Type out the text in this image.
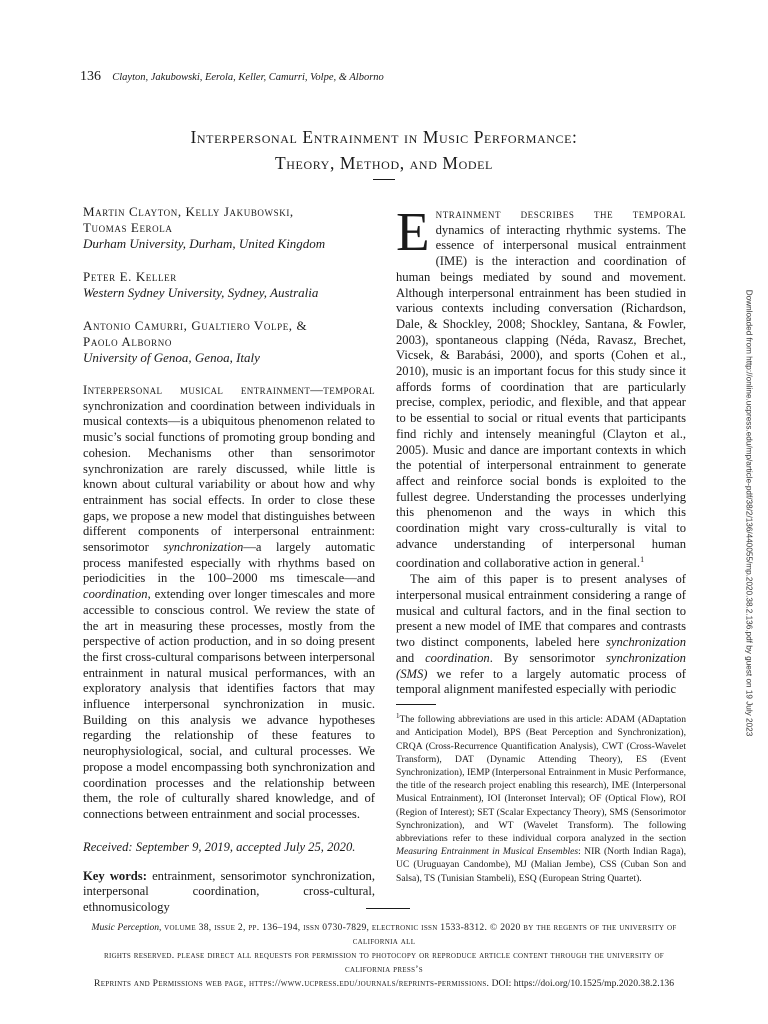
136 Clayton, Jakubowski, Eerola, Keller, Camurri, Volpe, & Alborno
Interpersonal Entrainment in Music Performance:
Theory, Method, and Model
Martin Clayton, Kelly Jakubowski,
Tuomas Eerola
Durham University, Durham, United Kingdom
Peter E. Keller
Western Sydney University, Sydney, Australia
Antonio Camurri, Gualtiero Volpe, &
Paolo Alborno
University of Genoa, Genoa, Italy
Interpersonal musical entrainment—temporal synchronization and coordination between individuals in musical contexts—is a ubiquitous phenomenon related to music’s social functions of promoting group bonding and cohesion. Mechanisms other than sensorimotor synchronization are rarely discussed, while little is known about cultural variability or about how and why entrainment has social effects. In order to close these gaps, we propose a new model that distinguishes between different components of interpersonal entrainment: sensorimotor synchronization—a largely automatic process manifested especially with rhythms based on periodicities in the 100–2000 ms timescale—and coordination, extending over longer timescales and more accessible to conscious control. We review the state of the art in measuring these processes, mostly from the perspective of action production, and in so doing present the first cross-cultural comparisons between interpersonal entrainment in natural musical performances, with an exploratory analysis that identifies factors that may influence interpersonal synchronization in music. Building on this analysis we advance hypotheses regarding the relationship of these features to neurophysiological, social, and cultural processes. We propose a model encompassing both synchronization and coordination processes and the relationship between them, the role of culturally shared knowledge, and of connections between entrainment and social processes.
Received: September 9, 2019, accepted July 25, 2020.
Key words: entrainment, sensorimotor synchronization, interpersonal coordination, cross-cultural, ethnomusicology

Entrainment describes the temporal dynamics of interacting rhythmic systems. The essence of interpersonal musical entrainment (IME) is the interaction and coordination of human beings mediated by sound and movement. Although interpersonal entrainment has been studied in various contexts including conversation (Richardson, Dale, & Shockley, 2008; Shockley, Santana, & Fowler, 2003), spontaneous clapping (Néda, Ravasz, Brechet, Vicsek, & Barabási, 2000), and sports (Cohen et al., 2010), music is an important focus for this study since it affords forms of coordination that are particularly precise, complex, periodic, and flexible, and that appear to be essential to social or ritual events that participants find richly and intensely meaningful (Clayton et al., 2005). Music and dance are important contexts in which the potential of interpersonal entrainment to generate affect and reinforce social bonds is exploited to the fullest degree. Understanding the processes underlying this phenomenon and the ways in which this coordination might vary cross-culturally is vital to advance understanding of interpersonal human coordination and collaborative action in general.$^1$

The aim of this paper is to present analyses of interpersonal musical entrainment considering a range of musical and cultural factors, and in the final section to present a new model of IME that compares and contrasts two distinct components, labeled here synchronization and coordination. By sensorimotor synchronization (SMS) we refer to a largely automatic process of temporal alignment manifested especially with periodic

$^1$The following abbreviations are used in this article: ADAM (ADaptation and Anticipation Model), BPS (Beat Perception and Synchronization), CRQA (Cross-Recurrence Quantification Analysis), CWT (Cross-Wavelet Transform), DAT (Dynamic Attending Theory), ES (Event Synchronization), IEMP (Interpersonal Entrainment in Music Performance, the title of the research project enabling this research), IME (Interpersonal Musical Entrainment), IOI (Interonset Interval); OF (Optical Flow), ROI (Region of Interest); SET (Scalar Expectancy Theory), SMS (Sensorimotor Synchronization), and WT (Wavelet Transform). The following abbreviations refer to these individual corpora analyzed in the section Measuring Entrainment in Musical Ensembles: NIR (North Indian Raga), UC (Uruguayan Candombe), MJ (Malian Jembe), CSS (Cuban Son and Salsa), TS (Tunisian Stambeli), ESQ (European String Quartet).
Downloaded from http://online.ucpress.edu/mp/article-pdf/38/2/136/440055/mp.2020.38.2.136.pdf by guest on 19 July 2023
Music Perception, volume 38, issue 2, pp. 136–194, issn 0730-7829, electronic issn 1533-8312. © 2020 by the regents of the university of california all
rights reserved. please direct all requests for permission to photocopy or reproduce article content through the university of california press’s
Reprints and Permissions web page, https://www.ucpress.edu/journals/reprints-permissions. DOI: https://doi.org/10.1525/mp.2020.38.2.136
